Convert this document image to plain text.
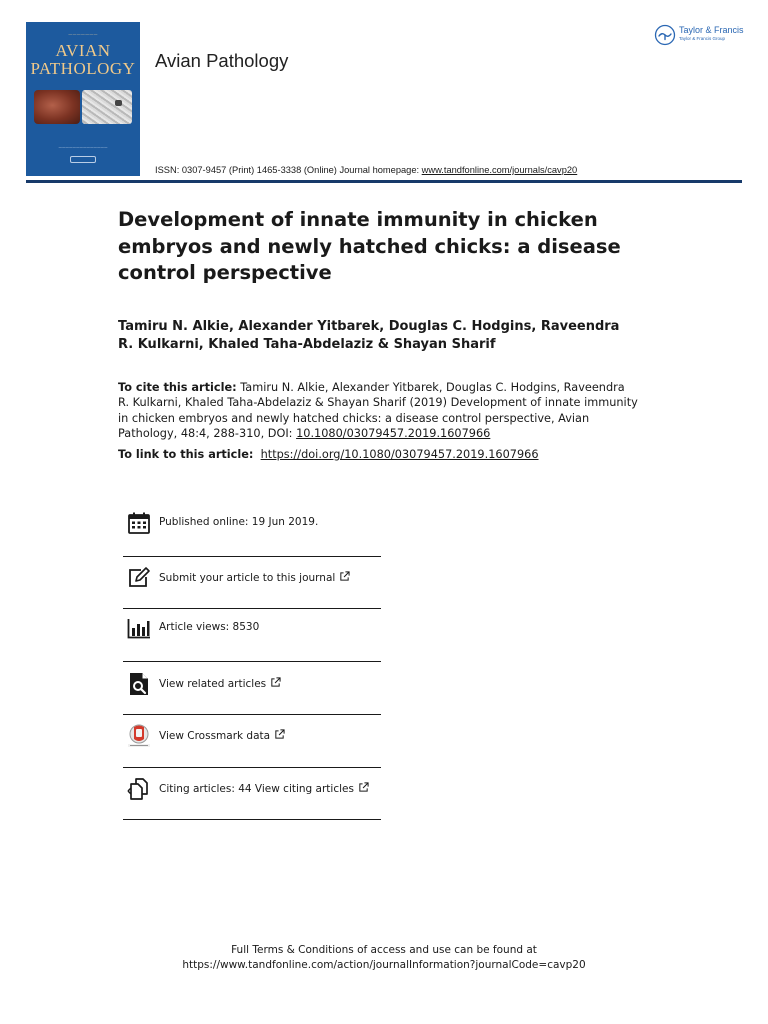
———————
AVIAN
PATHOLOGY
——————————————
Avian Pathology
Taylor & Francis
Taylor & Francis Group
ISSN: 0307-9457 (Print) 1465-3338 (Online) Journal homepage: www.tandfonline.com/journals/cavp20
Development of innate immunity in chicken embryos and newly hatched chicks: a disease control perspective
Tamiru N. Alkie, Alexander Yitbarek, Douglas C. Hodgins, Raveendra R. Kulkarni, Khaled Taha-Abdelaziz & Shayan Sharif
To cite this article: Tamiru N. Alkie, Alexander Yitbarek, Douglas C. Hodgins, Raveendra R. Kulkarni, Khaled Taha-Abdelaziz & Shayan Sharif (2019) Development of innate immunity in chicken embryos and newly hatched chicks: a disease control perspective, Avian Pathology, 48:4, 288-310, DOI: 10.1080/03079457.2019.1607966
To link to this article: https://doi.org/10.1080/03079457.2019.1607966
Published online: 19 Jun 2019.
Submit your article to this journal
Article views: 8530
View related articles
View Crossmark data
Citing articles: 44 View citing articles
Full Terms & Conditions of access and use can be found at
https://www.tandfonline.com/action/journalInformation?journalCode=cavp20
